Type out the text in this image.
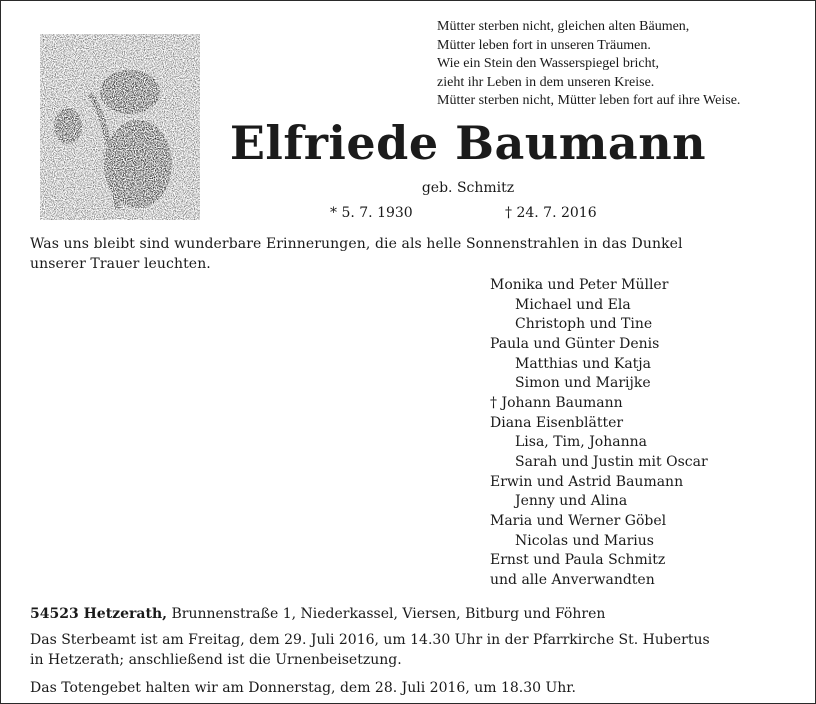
Mütter sterben nicht, gleichen alten Bäumen,
Mütter leben fort in unseren Träumen.
Wie ein Stein den Wasserspiegel bricht,
zieht ihr Leben in dem unseren Kreise.
Mütter sterben nicht, Mütter leben fort auf ihre Weise.
Elfriede Baumann
geb. Schmitz
* 5. 7. 1930	† 24. 7. 2016
Was uns bleibt sind wunderbare Erinnerungen, die als helle Sonnenstrahlen in das Dunkel
unserer Trauer leuchten.
Monika und Peter Müller
Michael und Ela
Christoph und Tine
Paula und Günter Denis
Matthias und Katja
Simon und Marijke
† Johann Baumann
Diana Eisenblätter
Lisa, Tim, Johanna
Sarah und Justin mit Oscar
Erwin und Astrid Baumann
Jenny und Alina
Maria und Werner Göbel
Nicolas und Marius
Ernst und Paula Schmitz
und alle Anverwandten
54523 Hetzerath, Brunnenstraße 1, Niederkassel, Viersen, Bitburg und Föhren
Das Sterbeamt ist am Freitag, dem 29. Juli 2016, um 14.30 Uhr in der Pfarrkirche St. Hubertus
in Hetzerath; anschließend ist die Urnenbeisetzung.
Das Totengebet halten wir am Donnerstag, dem 28. Juli 2016, um 18.30 Uhr.
